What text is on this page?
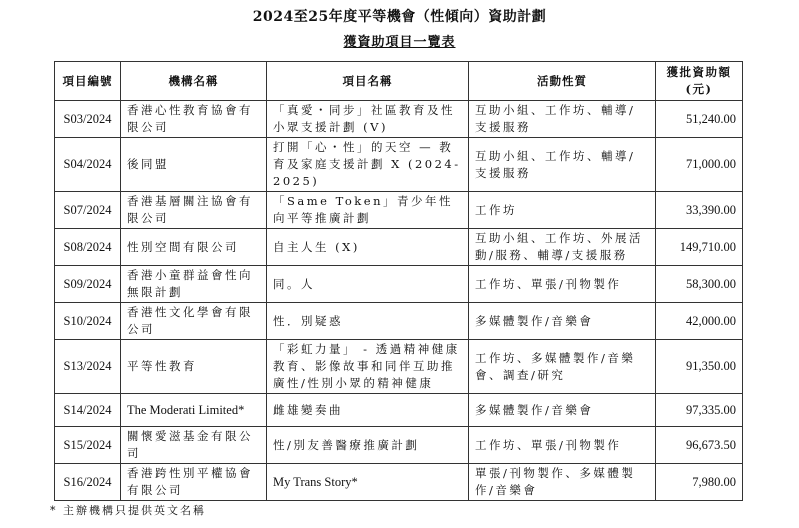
2024至25年度平等機會（性傾向）資助計劃
獲資助項目一覽表
項目編號	機構名稱	項目名稱	活動性質	獲批資助額 (元)
S03/2024	香港心性教育協會有限公司	「真愛・同步」社區教育及性小眾支援計劃 (V)	互助小組、工作坊、輔導/支援服務	51,240.00
S04/2024	後同盟	打開「心・性」的天空 — 教育及家庭支援計劃 X (2024-2025)	互助小組、工作坊、輔導/支援服務	71,000.00
S07/2024	香港基層關注協會有限公司	「Same Token」青少年性向平等推廣計劃	工作坊	33,390.00
S08/2024	性別空間有限公司	自主人生 (X)	互助小組、工作坊、外展活動/服務、輔導/支援服務	149,710.00
S09/2024	香港小童群益會性向無限計劃	同。人	工作坊、單張/刊物製作	58,300.00
S10/2024	香港性文化學會有限公司	性．別疑惑	多媒體製作/音樂會	42,000.00
S13/2024	平等性教育	「彩虹力量」 - 透過精神健康教育、影像故事和同伴互助推廣性/性別小眾的精神健康	工作坊、多媒體製作/音樂會、調查/研究	91,350.00
S14/2024	The Moderati Limited*	雌雄變奏曲	多媒體製作/音樂會	97,335.00
S15/2024	關懷愛滋基金有限公司	性/別友善醫療推廣計劃	工作坊、單張/刊物製作	96,673.50
S16/2024	香港跨性別平權協會有限公司	My Trans Story*	單張/刊物製作、多媒體製作/音樂會	7,980.00
* 主辦機構只提供英文名稱
